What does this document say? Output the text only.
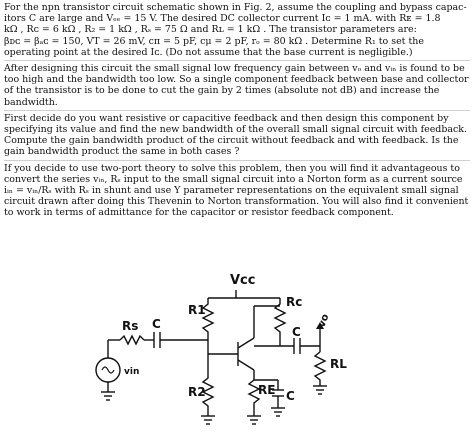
For the npn transistor circuit schematic shown in Fig. 2, assume the coupling and bypass capac-
itors C are large and Vₑₑ = 15 V. The desired DC collector current Iᴄ = 1 mA. with Rᴇ = 1.8
kΩ , Rᴄ = 6 kΩ , R₂ = 1 kΩ , Rₛ = 75 Ω and Rʟ = 1 kΩ . The transistor parameters are:
βᴅᴄ = βₐᴄ = 150, VT = 26 mV, cπ = 5 pF, cμ = 2 pF, rₒ = 80 kΩ . Determine R₁ to set the
operating point at the desired Iᴄ. (Do not assume that the base current is negligible.)

After designing this circuit the small signal low frequency gain between vₒ and vᵢₙ is found to be
too high and the bandwidth too low. So a single component feedback between base and collector
of the transistor is to be done to cut the gain by 2 times (absolute not dB) and increase the
bandwidth.

First decide do you want resistive or capacitive feedback and then design this component by
specifying its value and find the new bandwidth of the overall small signal circuit with feedback.
Compute the gain bandwidth product of the circuit without feedback and with feedback. Is the
gain bandwidth product the same in both cases ?

If you decide to use two-port theory to solve this problem, then you will find it advantageous to
convert the series vᵢₙ, Rₛ input to the small signal circuit into a Norton form as a current source
iᵢₙ = vᵢₙ/Rₛ with Rₛ in shunt and use Y parameter representations on the equivalent small signal
circuit drawn after doing this Thevenin to Norton transformation. You will also find it convenient
to work in terms of admittance for the capacitor or resistor feedback component.

Vcc
R1
Rc
Rs C
C
vo
RL
vin
R2	RE C
